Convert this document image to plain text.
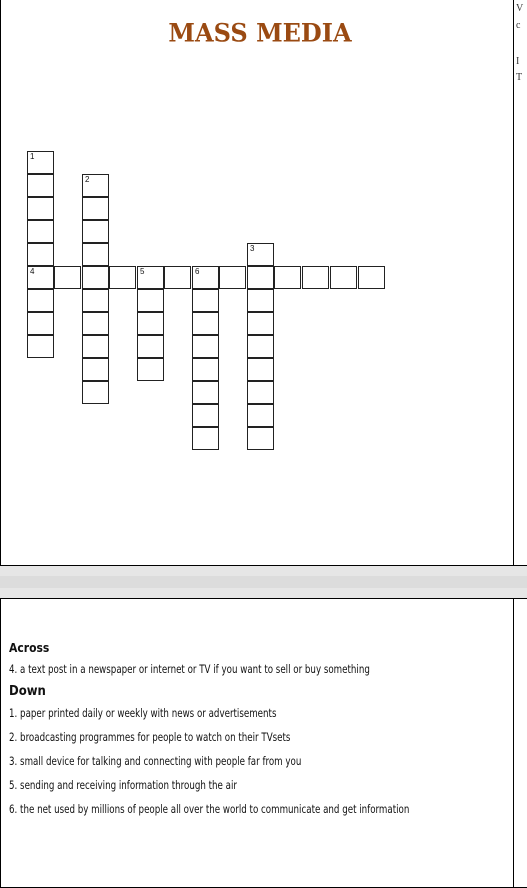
V
c
I
T
MASS MEDIA
1
4
2
5	6
3
Across
4. a text post in a newspaper or internet or TV if you want to sell or buy something
Down
1. paper printed daily or weekly with news or advertisements
2. broadcasting programmes for people to watch on their TVsets
3. small device for talking and connecting with people far from you
5. sending and receiving information through the air
6. the net used by millions of people all over the world to communicate and get information
